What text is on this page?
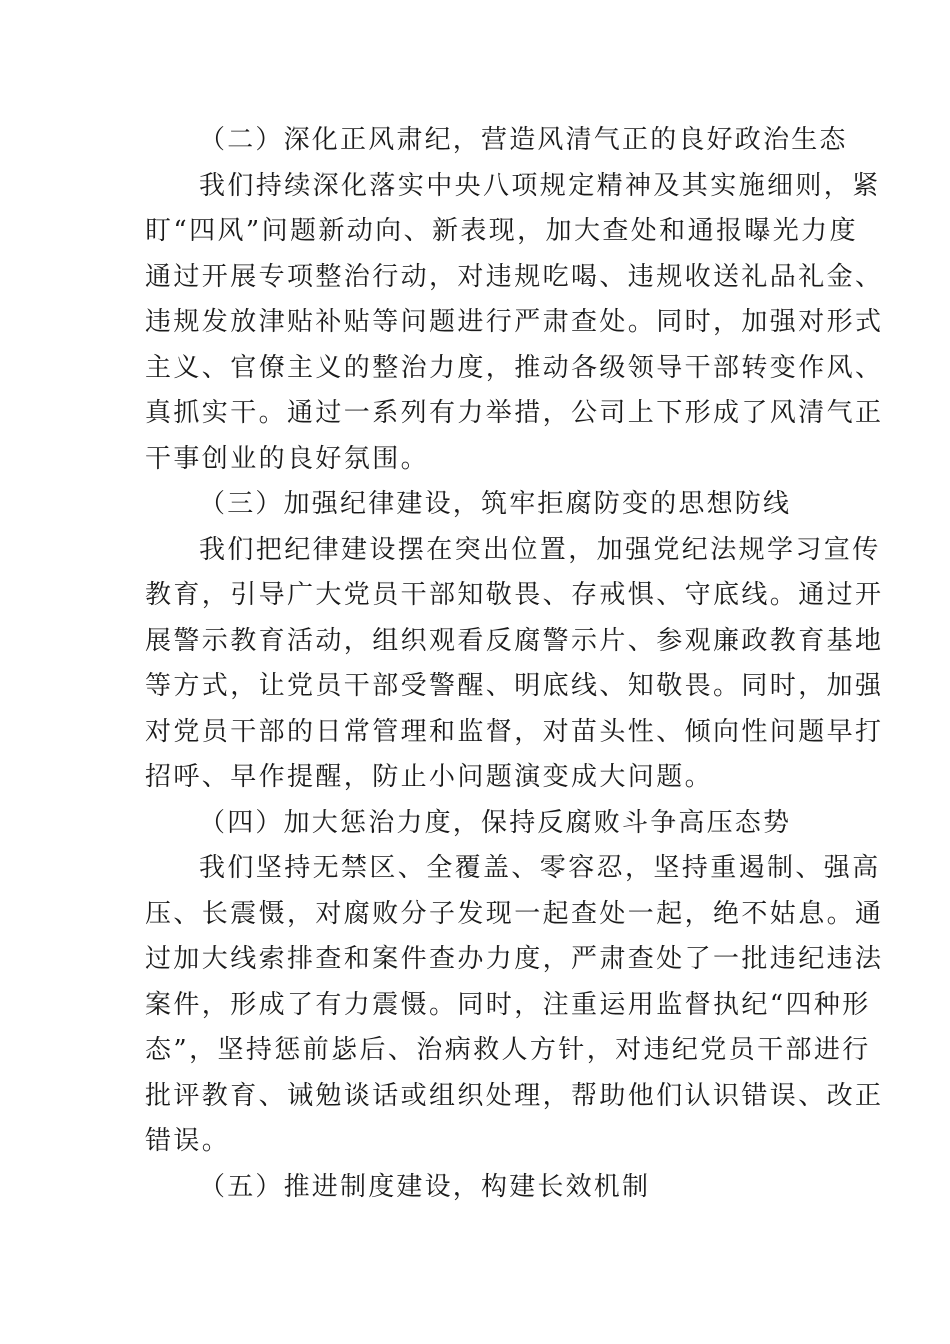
（二）深化正风肃纪，营造风清气正的良好政治生态
我们持续深化落实中央八项规定精神及其实施细则，紧
盯“四风”问题新动向、新表现，加大查处和通报曝光力度
通过开展专项整治行动，对违规吃喝、违规收送礼品礼金、
违规发放津贴补贴等问题进行严肃查处。同时，加强对形式
主义、官僚主义的整治力度，推动各级领导干部转变作风、
真抓实干。通过一系列有力举措，公司上下形成了风清气正
干事创业的良好氛围。
（三）加强纪律建设，筑牢拒腐防变的思想防线
我们把纪律建设摆在突出位置，加强党纪法规学习宣传
教育，引导广大党员干部知敬畏、存戒惧、守底线。通过开
展警示教育活动，组织观看反腐警示片、参观廉政教育基地
等方式，让党员干部受警醒、明底线、知敬畏。同时，加强
对党员干部的日常管理和监督，对苗头性、倾向性问题早打
招呼、早作提醒，防止小问题演变成大问题。
（四）加大惩治力度，保持反腐败斗争高压态势
我们坚持无禁区、全覆盖、零容忍，坚持重遏制、强高
压、长震慑，对腐败分子发现一起查处一起，绝不姑息。通
过加大线索排查和案件查办力度，严肃查处了一批违纪违法
案件，形成了有力震慑。同时，注重运用监督执纪“四种形
态”，坚持惩前毖后、治病救人方针，对违纪党员干部进行
批评教育、诫勉谈话或组织处理，帮助他们认识错误、改正
错误。
（五）推进制度建设，构建长效机制
